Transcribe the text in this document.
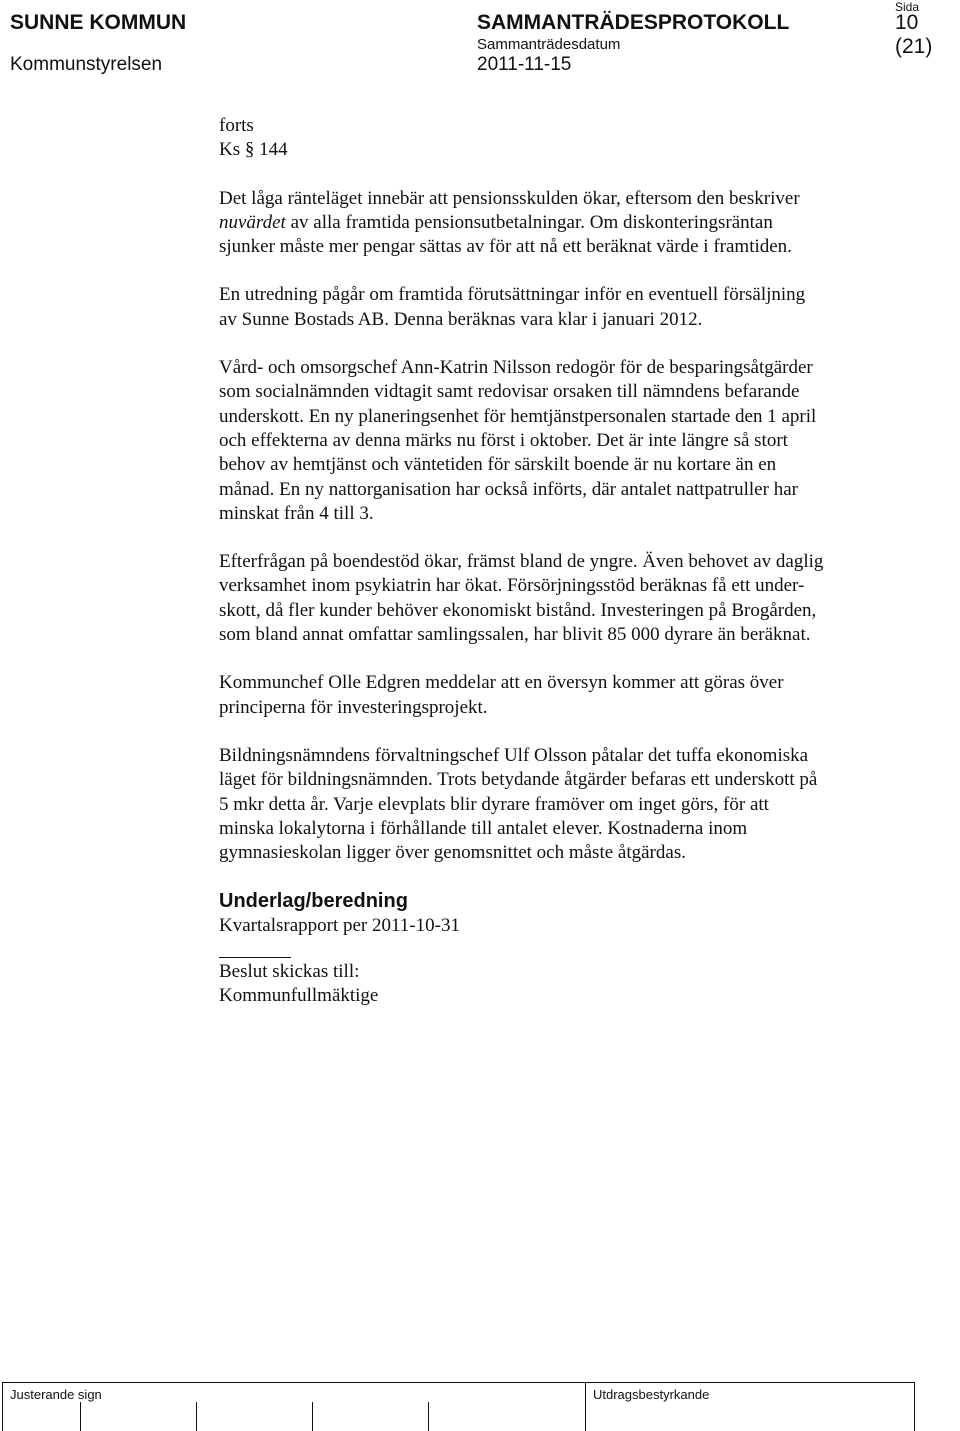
SUNNE KOMMUN
Kommunstyrelsen
SAMMANTRÄDESPROTOKOLL
Sammanträdesdatum
2011-11-15
Sida
10 (21)

forts

Ks § 144

Det låga ränteläget innebär att pensionsskulden ökar, eftersom den beskriver
nuvärdet av alla framtida pensionsutbetalningar. Om diskonteringsräntan
sjunker måste mer pengar sättas av för att nå ett beräknat värde i framtiden.

En utredning pågår om framtida förutsättningar inför en eventuell försäljning
av Sunne Bostads AB. Denna beräknas vara klar i januari 2012.

Vård- och omsorgschef Ann-Katrin Nilsson redogör för de besparingsåtgärder
som socialnämnden vidtagit samt redovisar orsaken till nämndens befarande
underskott. En ny planeringsenhet för hemtjänstpersonalen startade den 1 april
och effekterna av denna märks nu först i oktober. Det är inte längre så stort
behov av hemtjänst och väntetiden för särskilt boende är nu kortare än en
månad. En ny nattorganisation har också införts, där antalet nattpatruller har
minskat från 4 till 3.

Efterfrågan på boendestöd ökar, främst bland de yngre. Även behovet av daglig
verksamhet inom psykiatrin har ökat. Försörjningsstöd beräknas få ett under-
skott, då fler kunder behöver ekonomiskt bistånd. Investeringen på Brogården,
som bland annat omfattar samlingssalen, har blivit 85 000 dyrare än beräknat.

Kommunchef Olle Edgren meddelar att en översyn kommer att göras över
principerna för investeringsprojekt.

Bildningsnämndens förvaltningschef Ulf Olsson påtalar det tuffa ekonomiska
läget för bildningsnämnden. Trots betydande åtgärder befaras ett underskott på
5 mkr detta år. Varje elevplats blir dyrare framöver om inget görs, för att
minska lokalytorna i förhållande till antalet elever. Kostnaderna inom
gymnasieskolan ligger över genomsnittet och måste åtgärdas.

Underlag/beredning

Kvartalsrapport per 2011-10-31

Beslut skickas till:

Kommunfullmäktige

Justerande sign	Utdragsbestyrkande
